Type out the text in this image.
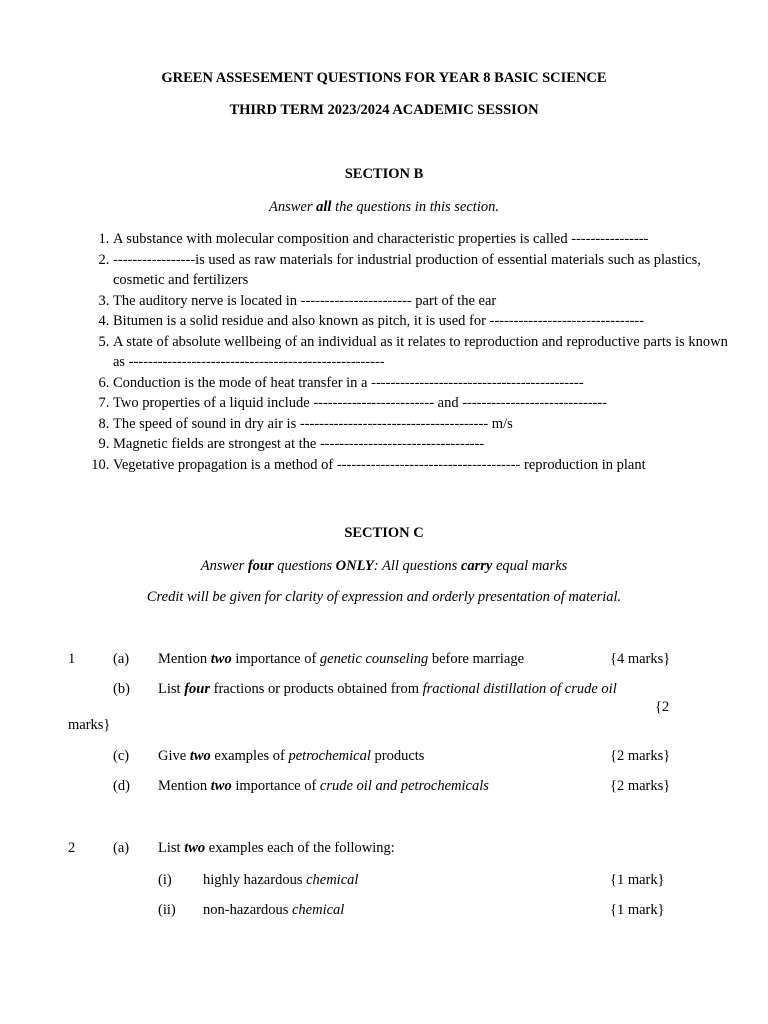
GREEN ASSESEMENT QUESTIONS FOR YEAR 8 BASIC SCIENCE
THIRD TERM 2023/2024 ACADEMIC SESSION
SECTION B
Answer all the questions in this section.
1. A substance with molecular composition and characteristic properties is called ----------------
2. -----------------is used as raw materials for industrial production of essential materials such as plastics, cosmetic and fertilizers
3. The auditory nerve is located in ----------------------- part of the ear
4. Bitumen is a solid residue and also known as pitch, it is used for --------------------------------
5. A state of absolute wellbeing of an individual as it relates to reproduction and reproductive parts is known as -----------------------------------------------------
6. Conduction is the mode of heat transfer in a --------------------------------------------
7. Two properties of a liquid include ------------------------- and ------------------------------
8. The speed of sound in dry air is --------------------------------------- m/s
9. Magnetic fields are strongest at the ----------------------------------
10. Vegetative propagation is a method of -------------------------------------- reproduction in plant
SECTION C
Answer four questions ONLY: All questions carry equal marks
Credit will be given for clarity of expression and orderly presentation of material.
1	(a) Mention two importance of genetic counseling before marriage	{4 marks}
(b) List four fractions or products obtained from fractional distillation of crude oil
{2
marks}
(c) Give two examples of petrochemical products	{2 marks}
(d) Mention two importance of crude oil and petrochemicals	{2 marks}
2	(a) List two examples each of the following:
(i) highly hazardous chemical	{1 mark}
(ii) non-hazardous chemical	{1 mark}
